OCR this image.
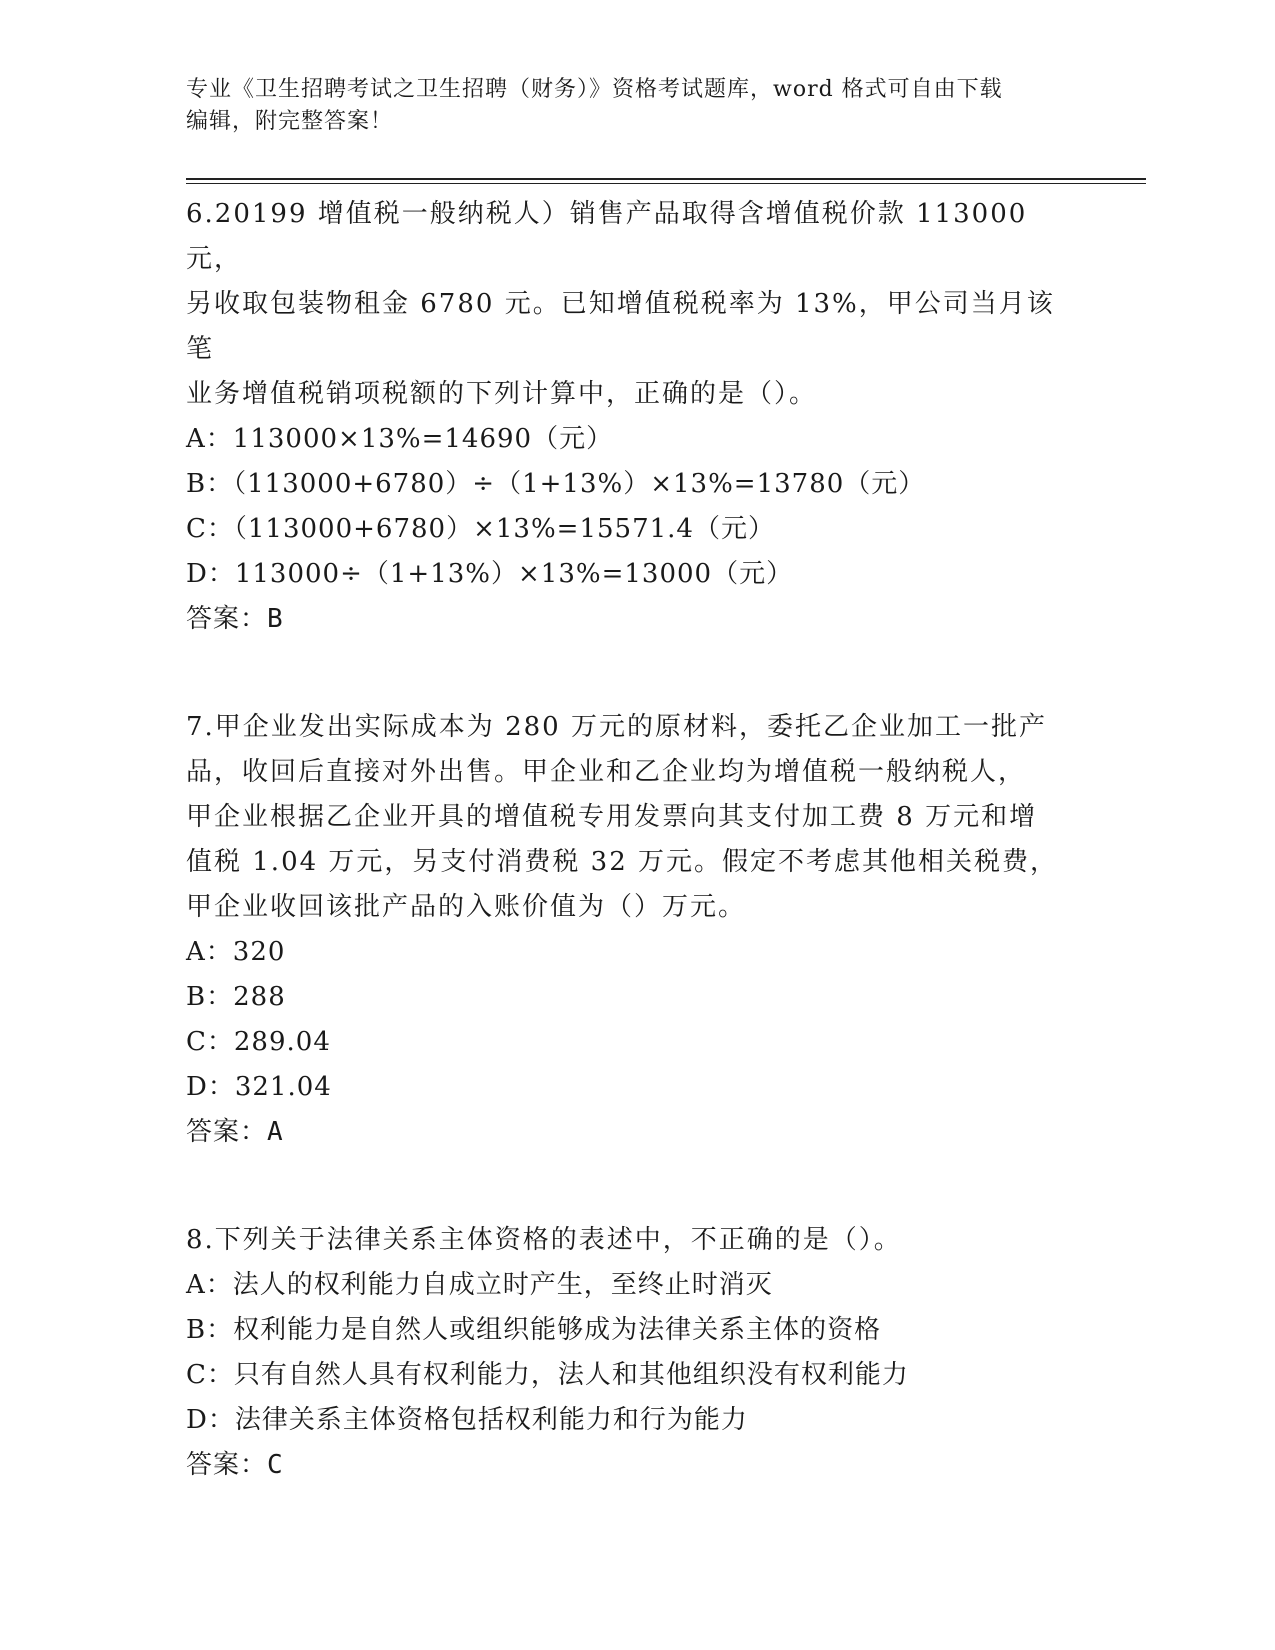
专业《卫生招聘考试之卫生招聘（财务）》资格考试题库，word 格式可自由下载
编辑，附完整答案！
6.20199 增值税一般纳税人）销售产品取得含增值税价款 113000 元，
另收取包装物租金 6780 元。已知增值税税率为 13%，甲公司当月该笔
业务增值税销项税额的下列计算中，正确的是（）。
A：113000×13%=14690（元）
B：（113000+6780）÷（1+13%）×13%=13780（元）
C：（113000+6780）×13%=15571.4（元）
D：113000÷（1+13%）×13%=13000（元）
答案：B
7.甲企业发出实际成本为 280 万元的原材料，委托乙企业加工一批产
品，收回后直接对外出售。甲企业和乙企业均为增值税一般纳税人，
甲企业根据乙企业开具的增值税专用发票向其支付加工费 8 万元和增
值税 1.04 万元，另支付消费税 32 万元。假定不考虑其他相关税费，
甲企业收回该批产品的入账价值为（）万元。
A：320
B：288
C：289.04
D：321.04
答案：A
8.下列关于法律关系主体资格的表述中，不正确的是（）。
A：法人的权利能力自成立时产生，至终止时消灭
B：权利能力是自然人或组织能够成为法律关系主体的资格
C：只有自然人具有权利能力，法人和其他组织没有权利能力
D：法律关系主体资格包括权利能力和行为能力
答案：C
